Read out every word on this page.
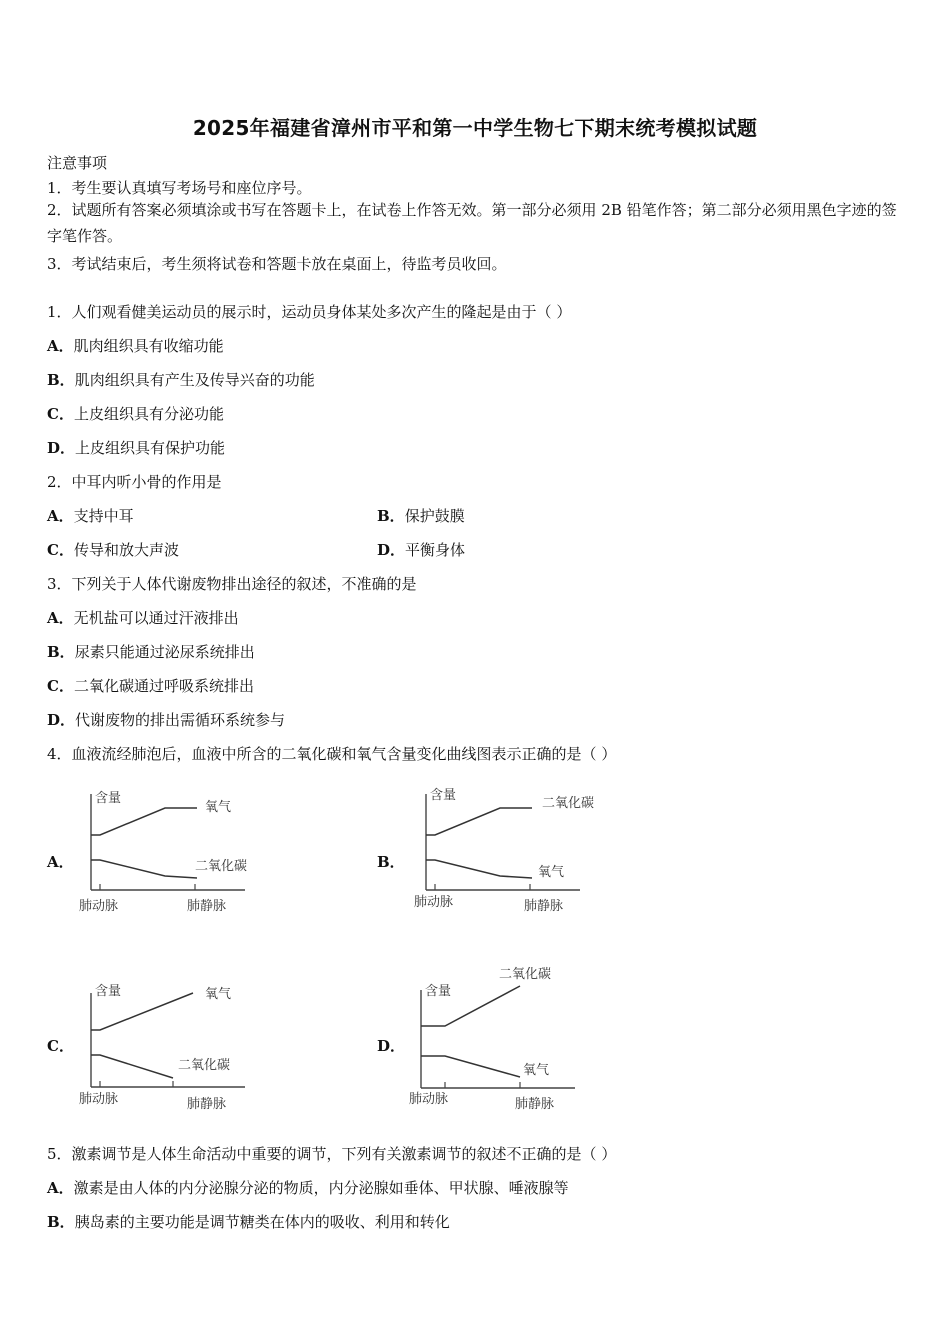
2025年福建省漳州市平和第一中学生物七下期末统考模拟试题
注意事项
1．考生要认真填写考场号和座位序号。
2．试题所有答案必须填涂或书写在答题卡上，在试卷上作答无效。第一部分必须用 2B 铅笔作答；第二部分必须用黑色字迹的签字笔作答。
3．考试结束后，考生须将试卷和答题卡放在桌面上，待监考员收回。
1．人们观看健美运动员的展示时，运动员身体某处多次产生的隆起是由于（ ）
A．肌肉组织具有收缩功能
B．肌肉组织具有产生及传导兴奋的功能
C．上皮组织具有分泌功能
D．上皮组织具有保护功能
2．中耳内听小骨的作用是
A．支持中耳	B．保护鼓膜
C．传导和放大声波	D．平衡身体
3．下列关于人体代谢废物排出途径的叙述，不准确的是
A．无机盐可以通过汗液排出
B．尿素只能通过泌尿系统排出
C．二氧化碳通过呼吸系统排出
D．代谢废物的排出需循环系统参与
4．血液流经肺泡后，血液中所含的二氧化碳和氧气含量变化曲线图表示正确的是（ ）
A．
含量
氧气
二氧化碳
肺动脉	肺静脉
B．
含量
二氧化碳
氧气
肺动脉	肺静脉
C．
含量	氧气
二氧化碳
肺动脉	肺静脉
D．
含量
二氧化碳
氧气
肺动脉	肺静脉
5．激素调节是人体生命活动中重要的调节，下列有关激素调节的叙述不正确的是（ ）
A．激素是由人体的内分泌腺分泌的物质，内分泌腺如垂体、甲状腺、唾液腺等
B．胰岛素的主要功能是调节糖类在体内的吸收、利用和转化
